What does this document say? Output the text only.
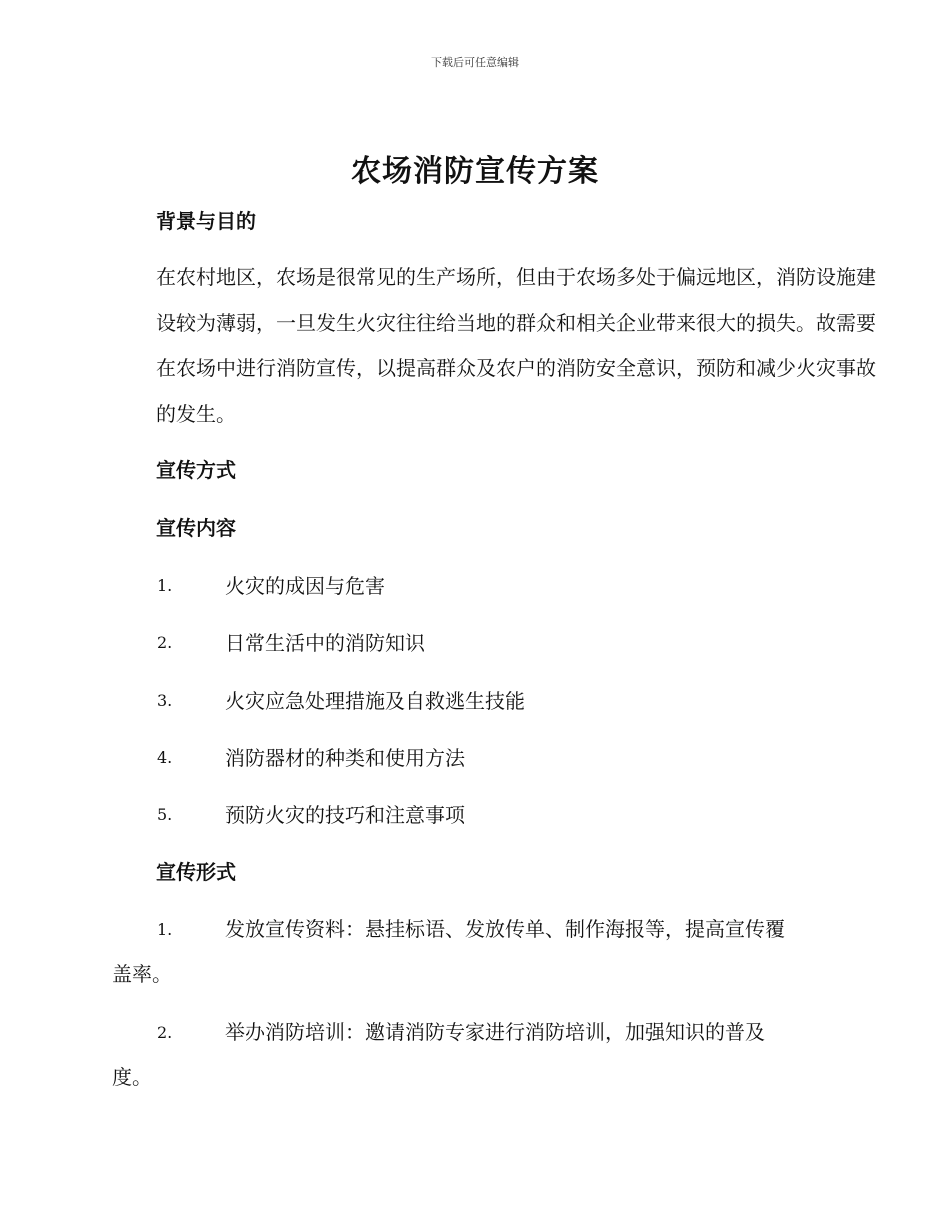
下载后可任意编辑
农场消防宣传方案
背景与目的

在农村地区，农场是很常见的生产场所，但由于农场多处于偏远地区，消防设施建设较为薄弱，一旦发生火灾往往给当地的群众和相关企业带来很大的损失。故需要在农场中进行消防宣传，以提高群众及农户的消防安全意识，预防和减少火灾事故的发生。

宣传方式
宣传内容
1.	火灾的成因与危害
2.	日常生活中的消防知识
3.	火灾应急处理措施及自救逃生技能
4.	消防器材的种类和使用方法
5.	预防火灾的技巧和注意事项
宣传形式
1.	发放宣传资料：悬挂标语、发放传单、制作海报等，提高宣传覆
盖率。
2.	举办消防培训：邀请消防专家进行消防培训，加强知识的普及
度。
